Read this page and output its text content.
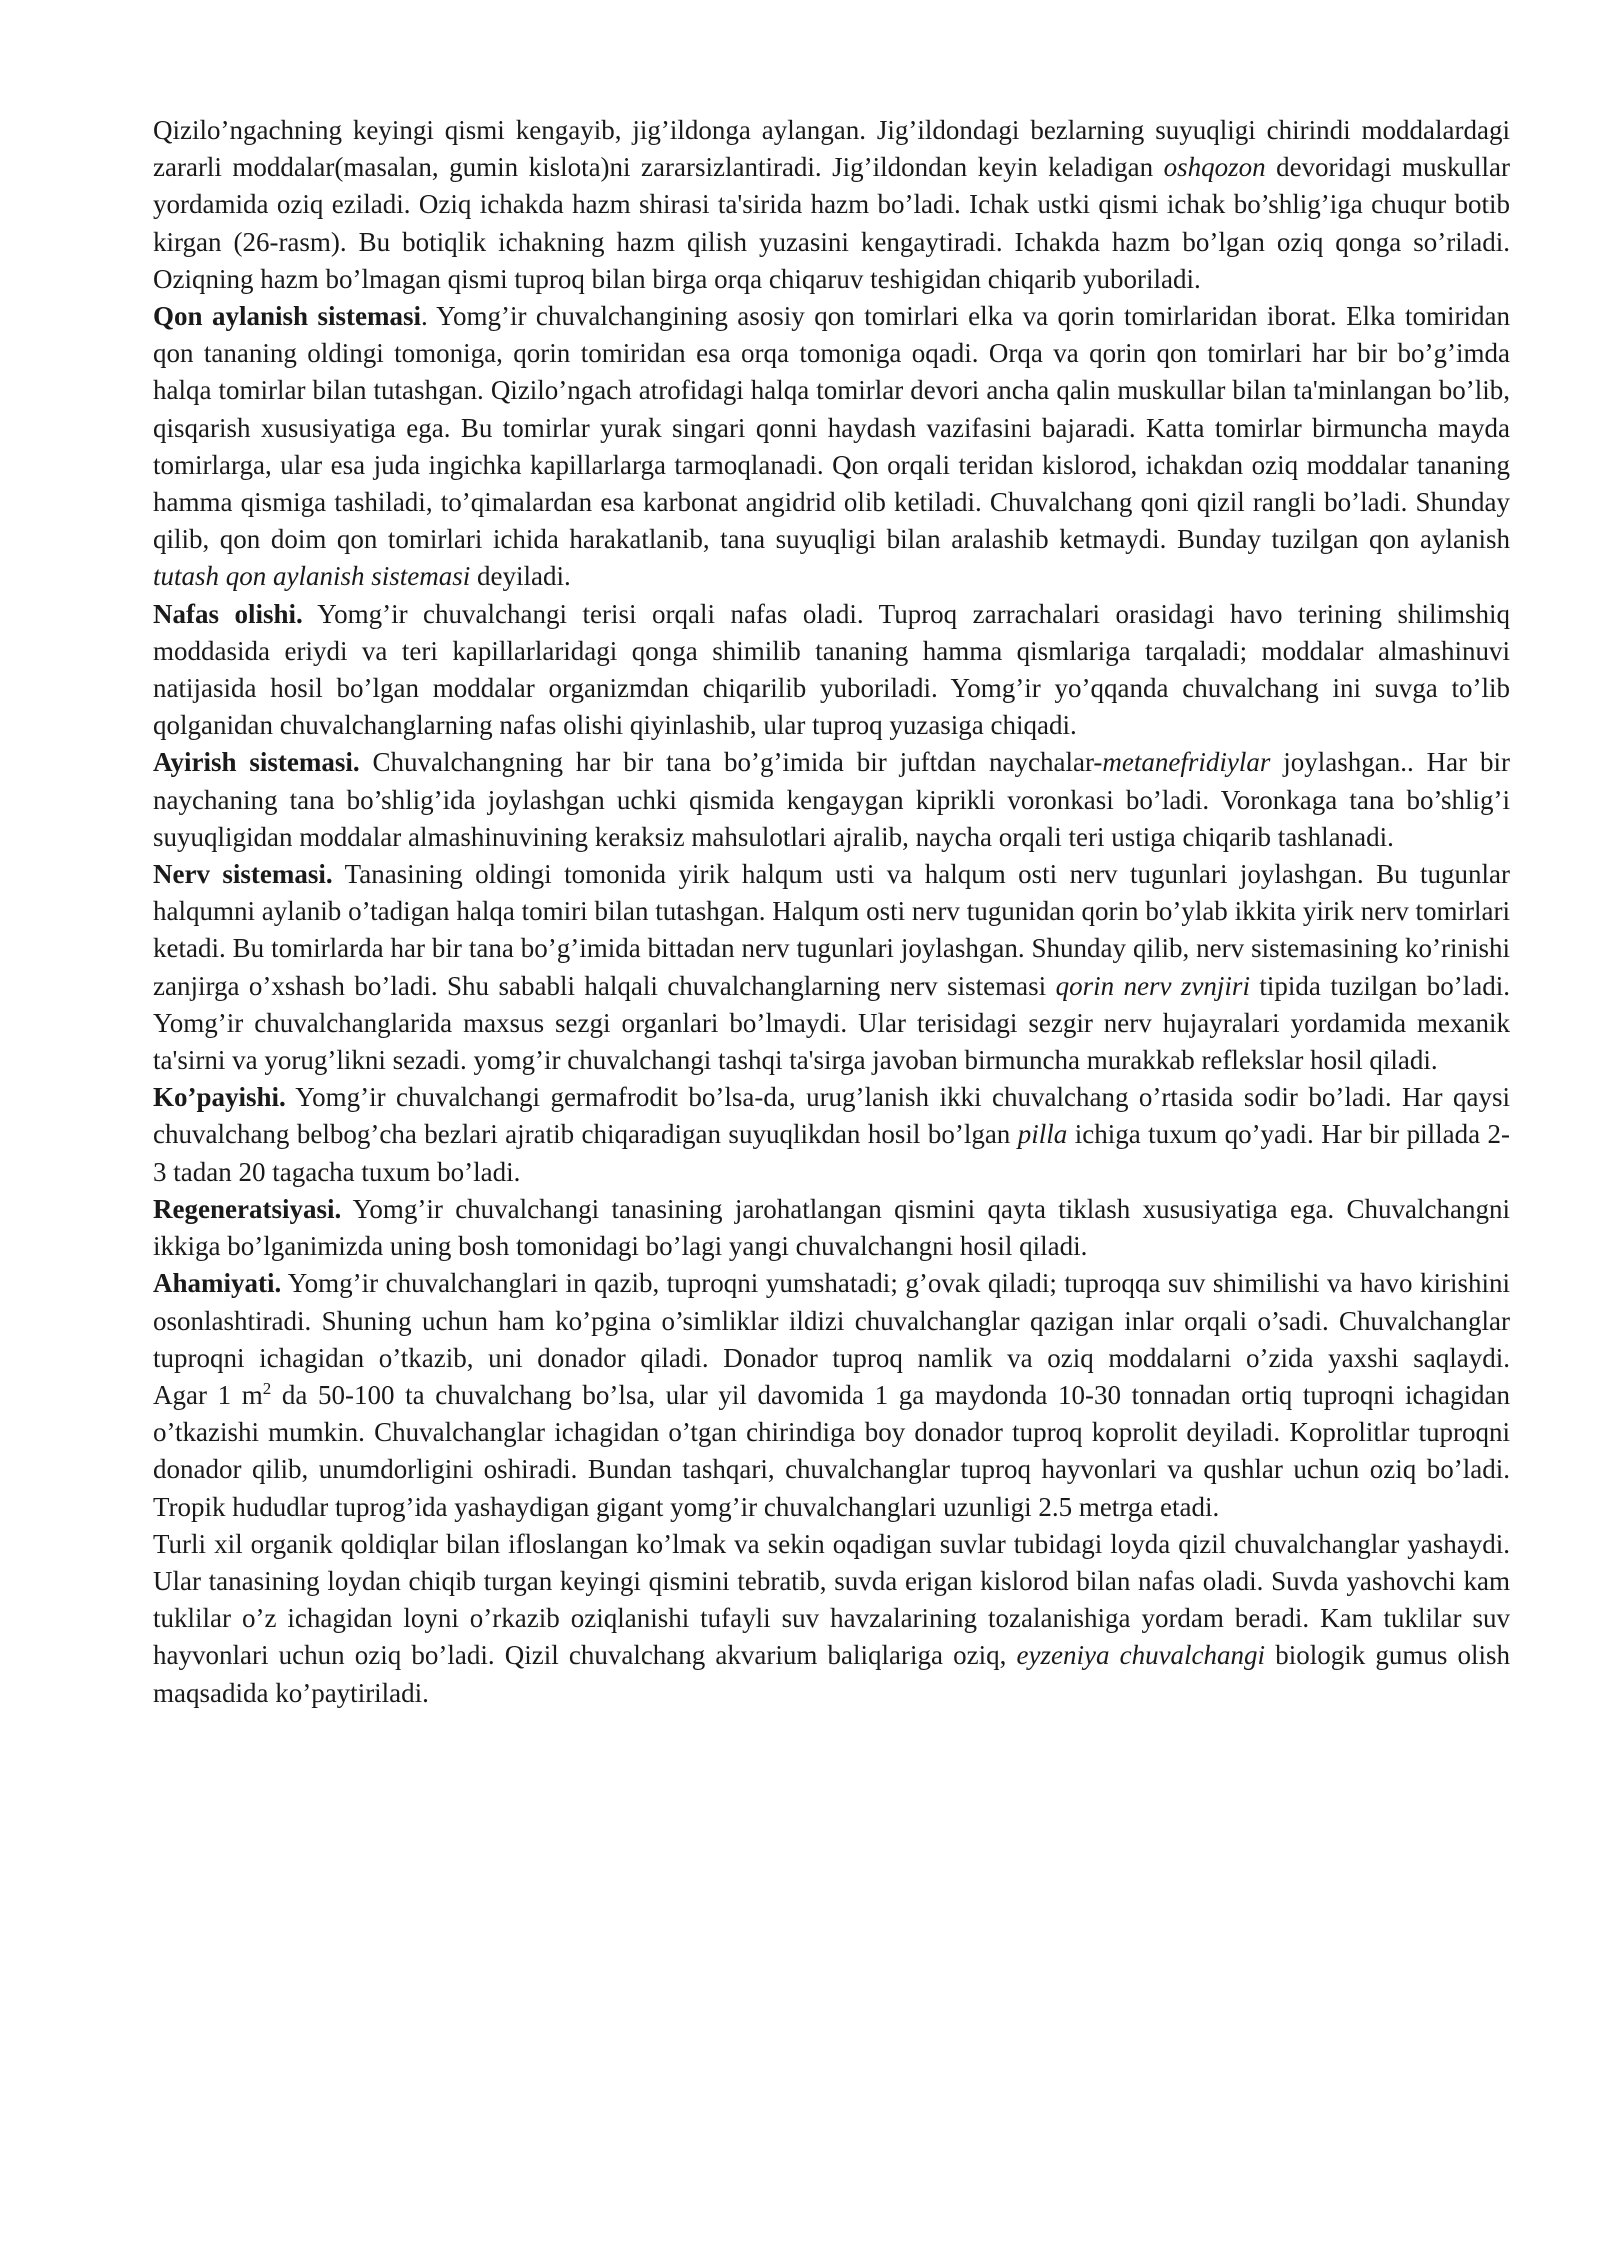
Qizilo’ngachning keyingi qismi kengayib, jig’ildonga aylangan. Jig’ildondagi bezlarning suyuqligi chirindi moddalardagi zararli moddalar(masalan, gumin kislota)ni zararsizlantiradi. Jig’ildondan keyin keladigan oshqozon devoridagi muskullar yordamida oziq eziladi. Oziq ichakda hazm shirasi ta'sirida hazm bo’ladi. Ichak ustki qismi ichak bo’shlig’iga chuqur botib kirgan (26-rasm). Bu botiqlik ichakning hazm qilish yuzasini kengaytiradi. Ichakda hazm bo’lgan oziq qonga so’riladi. Oziqning hazm bo’lmagan qismi tuproq bilan birga orqa chiqaruv teshigidan chiqarib yuboriladi.

Qon aylanish sistemasi. Yomg’ir chuvalchangining asosiy qon tomirlari elka va qorin tomirlaridan iborat. Elka tomiridan qon tananing oldingi tomoniga, qorin tomiridan esa orqa tomoniga oqadi. Orqa va qorin qon tomirlari har bir bo’g’imda halqa tomirlar bilan tutashgan. Qizilo’ngach atrofidagi halqa tomirlar devori ancha qalin muskullar bilan ta'minlangan bo’lib, qisqarish xususiyatiga ega. Bu tomirlar yurak singari qonni haydash vazifasini bajaradi. Katta tomirlar birmuncha mayda tomirlarga, ular esa juda ingichka kapillarlarga tarmoqlanadi. Qon orqali teridan kislorod, ichakdan oziq moddalar tananing hamma qismiga tashiladi, to’qimalardan esa karbonat angidrid olib ketiladi. Chuvalchang qoni qizil rangli bo’ladi. Shunday qilib, qon doim qon tomirlari ichida harakatlanib, tana suyuqligi bilan aralashib ketmaydi. Bunday tuzilgan qon aylanish tutash qon aylanish sistemasi deyiladi.

Nafas olishi. Yomg’ir chuvalchangi terisi orqali nafas oladi. Tuproq zarrachalari orasidagi havo terining shilimshiq moddasida eriydi va teri kapillarlaridagi qonga shimilib tananing hamma qismlariga tarqaladi; moddalar almashinuvi natijasida hosil bo’lgan moddalar organizmdan chiqarilib yuboriladi. Yomg’ir yo’qqanda chuvalchang ini suvga to’lib qolganidan chuvalchanglarning nafas olishi qiyinlashib, ular tuproq yuzasiga chiqadi.

Ayirish sistemasi. Chuvalchangning har bir tana bo’g’imida bir juftdan naychalar-metanefridiylar joylashgan.. Har bir naychaning tana bo’shlig’ida joylashgan uchki qismida kengaygan kiprikli voronkasi bo’ladi. Voronkaga tana bo’shlig’i suyuqligidan moddalar almashinuvining keraksiz mahsulotlari ajralib, naycha orqali teri ustiga chiqarib tashlanadi.

Nerv sistemasi. Tanasining oldingi tomonida yirik halqum usti va halqum osti nerv tugunlari joylashgan. Bu tugunlar halqumni aylanib o’tadigan halqa tomiri bilan tutashgan. Halqum osti nerv tugunidan qorin bo’ylab ikkita yirik nerv tomirlari ketadi. Bu tomirlarda har bir tana bo’g’imida bittadan nerv tugunlari joylashgan. Shunday qilib, nerv sistemasining ko’rinishi zanjirga o’xshash bo’ladi. Shu sababli halqali chuvalchanglarning nerv sistemasi qorin nerv zvnjiri tipida tuzilgan bo’ladi. Yomg’ir chuvalchanglarida maxsus sezgi organlari bo’lmaydi. Ular terisidagi sezgir nerv hujayralari yordamida mexanik ta'sirni va yorug’likni sezadi. yomg’ir chuvalchangi tashqi ta'sirga javoban birmuncha murakkab reflekslar hosil qiladi.

Ko’payishi. Yomg’ir chuvalchangi germafrodit bo’lsa-da, urug’lanish ikki chuvalchang o’rtasida sodir bo’ladi. Har qaysi chuvalchang belbog’cha bezlari ajratib chiqaradigan suyuqlikdan hosil bo’lgan pilla ichiga tuxum qo’yadi. Har bir pillada 2-3 tadan 20 tagacha tuxum bo’ladi.

Regeneratsiyasi. Yomg’ir chuvalchangi tanasining jarohatlangan qismini qayta tiklash xususiyatiga ega. Chuvalchangni ikkiga bo’lganimizda uning bosh tomonidagi bo’lagi yangi chuvalchangni hosil qiladi.

Ahamiyati. Yomg’ir chuvalchanglari in qazib, tuproqni yumshatadi; g’ovak qiladi; tuproqqa suv shimilishi va havo kirishini osonlashtiradi. Shuning uchun ham ko’pgina o’simliklar ildizi chuvalchanglar qazigan inlar orqali o’sadi. Chuvalchanglar tuproqni ichagidan o’tkazib, uni donador qiladi. Donador tuproq namlik va oziq moddalarni o’zida yaxshi saqlaydi.         Agar 1 $m^2$ da 50-100 ta chuvalchang bo’lsa, ular yil davomida 1 ga maydonda 10-30 tonnadan ortiq tuproqni ichagidan o’tkazishi mumkin. Chuvalchanglar ichagidan o’tgan chirindiga boy donador tuproq koprolit deyiladi. Koprolitlar tuproqni donador qilib, unumdorligini oshiradi. Bundan tashqari, chuvalchanglar tuproq hayvonlari va qushlar uchun oziq bo’ladi. Tropik hududlar tuprog’ida yashaydigan gigant yomg’ir chuvalchanglari uzunligi 2.5 metrga etadi.

Turli xil organik qoldiqlar bilan ifloslangan ko’lmak va sekin oqadigan suvlar tubidagi loyda qizil chuvalchanglar yashaydi. Ular tanasining loydan chiqib turgan keyingi qismini tebratib, suvda erigan kislorod bilan nafas oladi. Suvda yashovchi kam tuklilar o’z ichagidan loyni o’rkazib oziqlanishi tufayli suv havzalarining tozalanishiga yordam beradi. Kam tuklilar suv hayvonlari uchun oziq bo’ladi. Qizil chuvalchang akvarium baliqlariga oziq, eyzeniya chuvalchangi biologik gumus olish maqsadida ko’paytiriladi.
